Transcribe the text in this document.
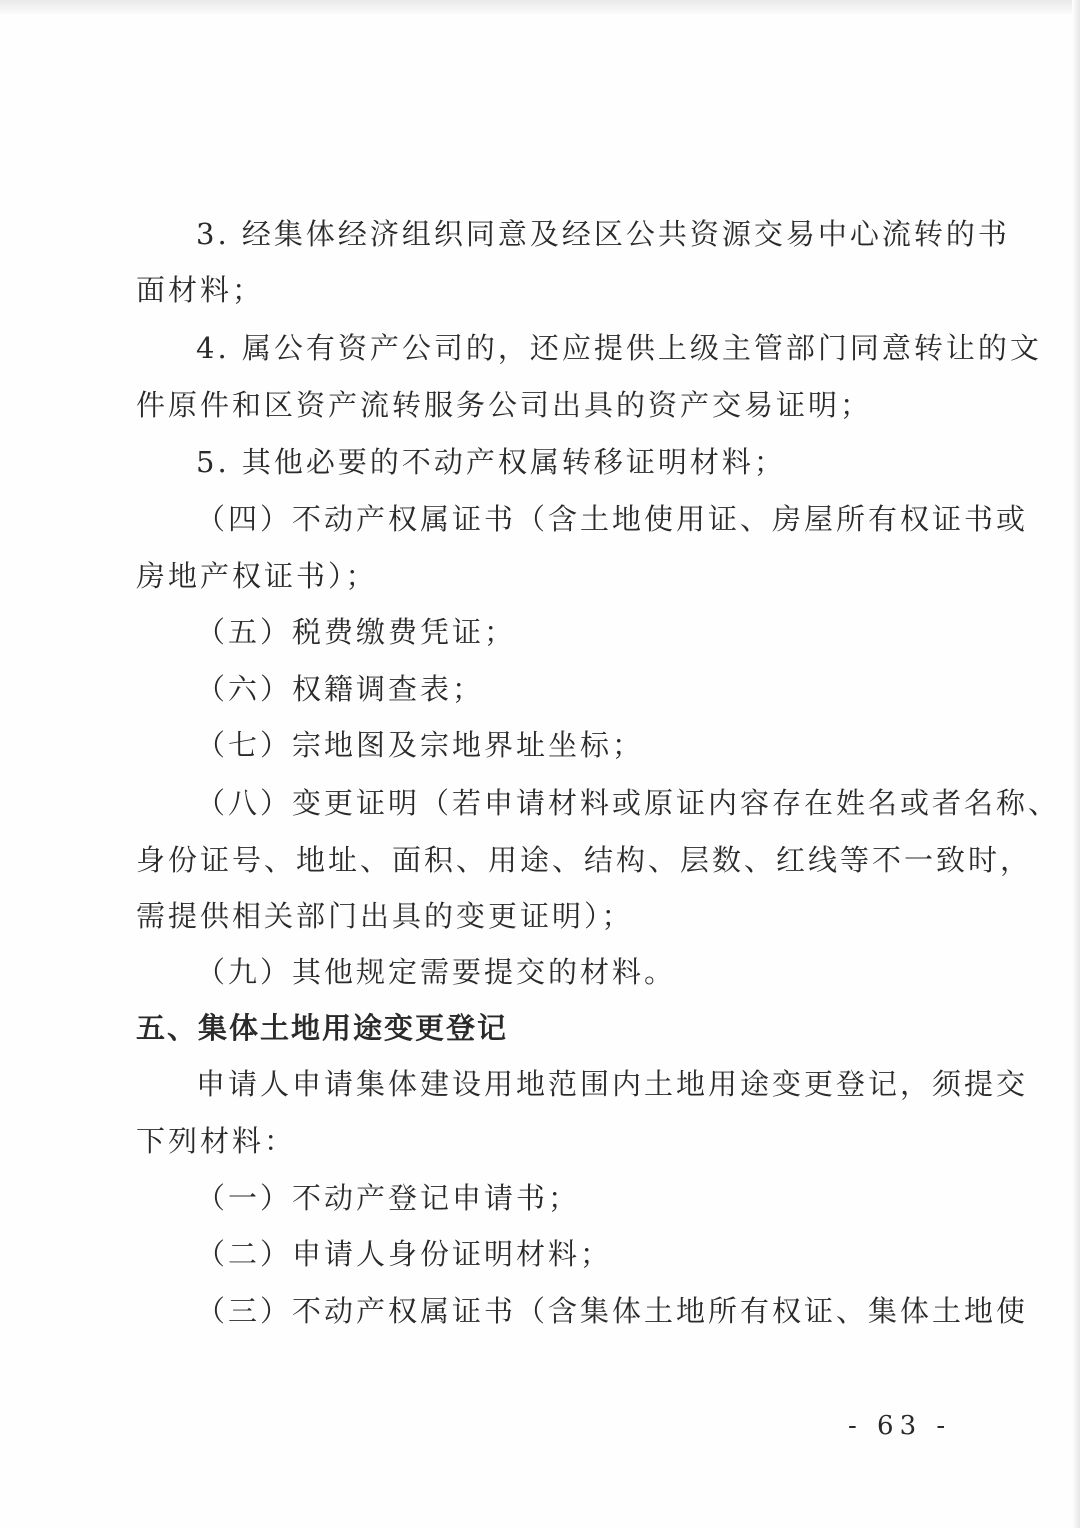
3. 经集体经济组织同意及经区公共资源交易中心流转的书
面材料；
4. 属公有资产公司的，还应提供上级主管部门同意转让的文
件原件和区资产流转服务公司出具的资产交易证明；
5. 其他必要的不动产权属转移证明材料；
（四）不动产权属证书（含土地使用证、房屋所有权证书或
房地产权证书）；
（五）税费缴费凭证；
（六）权籍调查表；
（七）宗地图及宗地界址坐标；
（八）变更证明（若申请材料或原证内容存在姓名或者名称、
身份证号、地址、面积、用途、结构、层数、红线等不一致时，
需提供相关部门出具的变更证明）；
（九）其他规定需要提交的材料。
五、集体土地用途变更登记
申请人申请集体建设用地范围内土地用途变更登记，须提交
下列材料：
（一）不动产登记申请书；
（二）申请人身份证明材料；
（三）不动产权属证书（含集体土地所有权证、集体土地使
- 63 -
